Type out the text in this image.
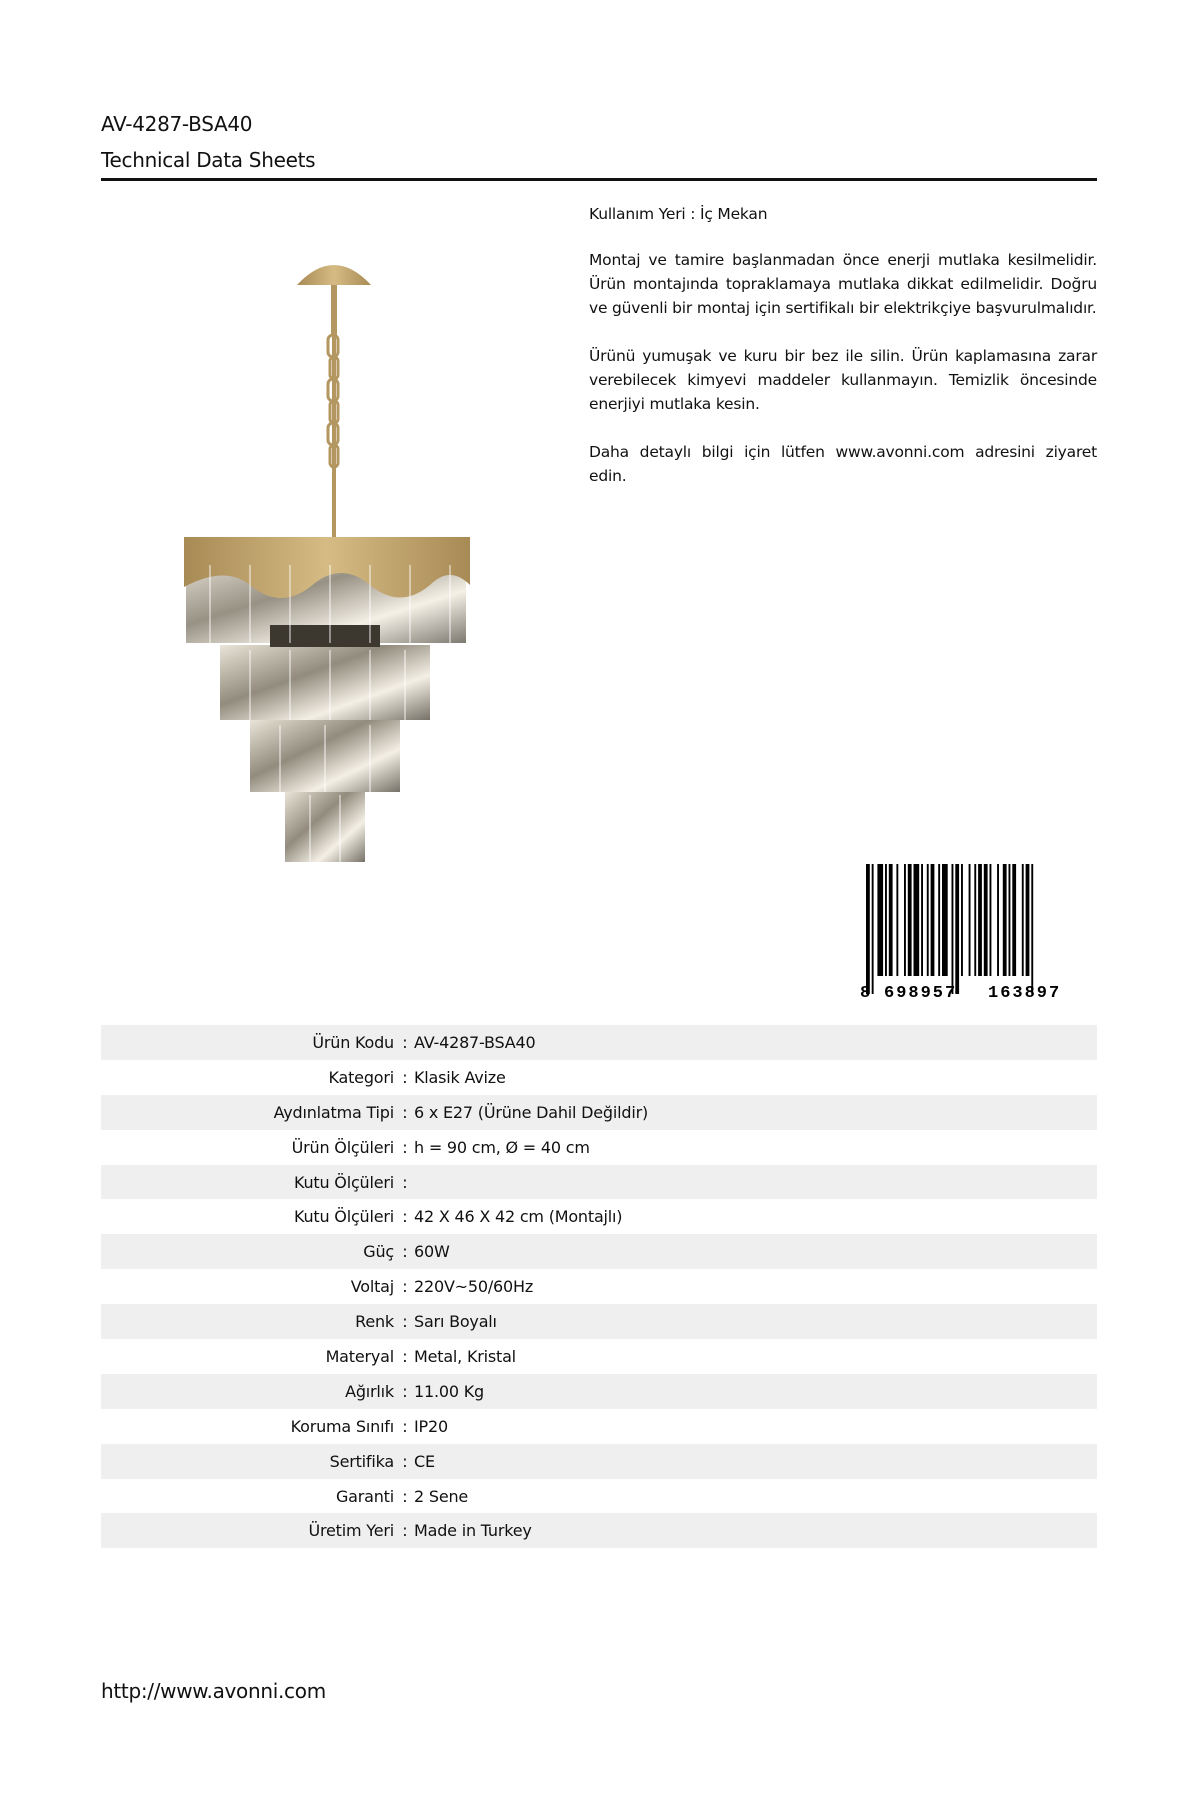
AV-4287-BSA40
Technical Data Sheets

Kullanım Yeri : İç Mekan

Montaj ve tamire başlanmadan önce enerji mutlaka kesilmelidir. Ürün montajında topraklamaya mutlaka dikkat edilmelidir. Doğru ve güvenli bir montaj için sertifikalı bir elektrikçiye başvurulmalıdır.

Ürünü yumuşak ve kuru bir bez ile silin. Ürün kaplamasına zarar verebilecek kimyevi maddeler kullanmayın. Temizlik öncesinde enerjiyi mutlaka kesin.

Daha detaylı bilgi için lütfen www.avonni.com adresini ziyaret edin.

8 698957 163897
Ürün Kodu : AV-4287-BSA40
Kategori : Klasik Avize
Aydınlatma Tipi : 6 x E27 (Ürüne Dahil Değildir)
Ürün Ölçüleri : h = 90 cm, Ø = 40 cm
Kutu Ölçüleri :
Kutu Ölçüleri : 42 X 46 X 42 cm (Montajlı)
Güç : 60W
Voltaj : 220V~50/60Hz
Renk : Sarı Boyalı
Materyal : Metal, Kristal
Ağırlık : 11.00 Kg
Koruma Sınıfı : IP20
Sertifika : CE
Garanti : 2 Sene
Üretim Yeri : Made in Turkey
http://www.avonni.com
